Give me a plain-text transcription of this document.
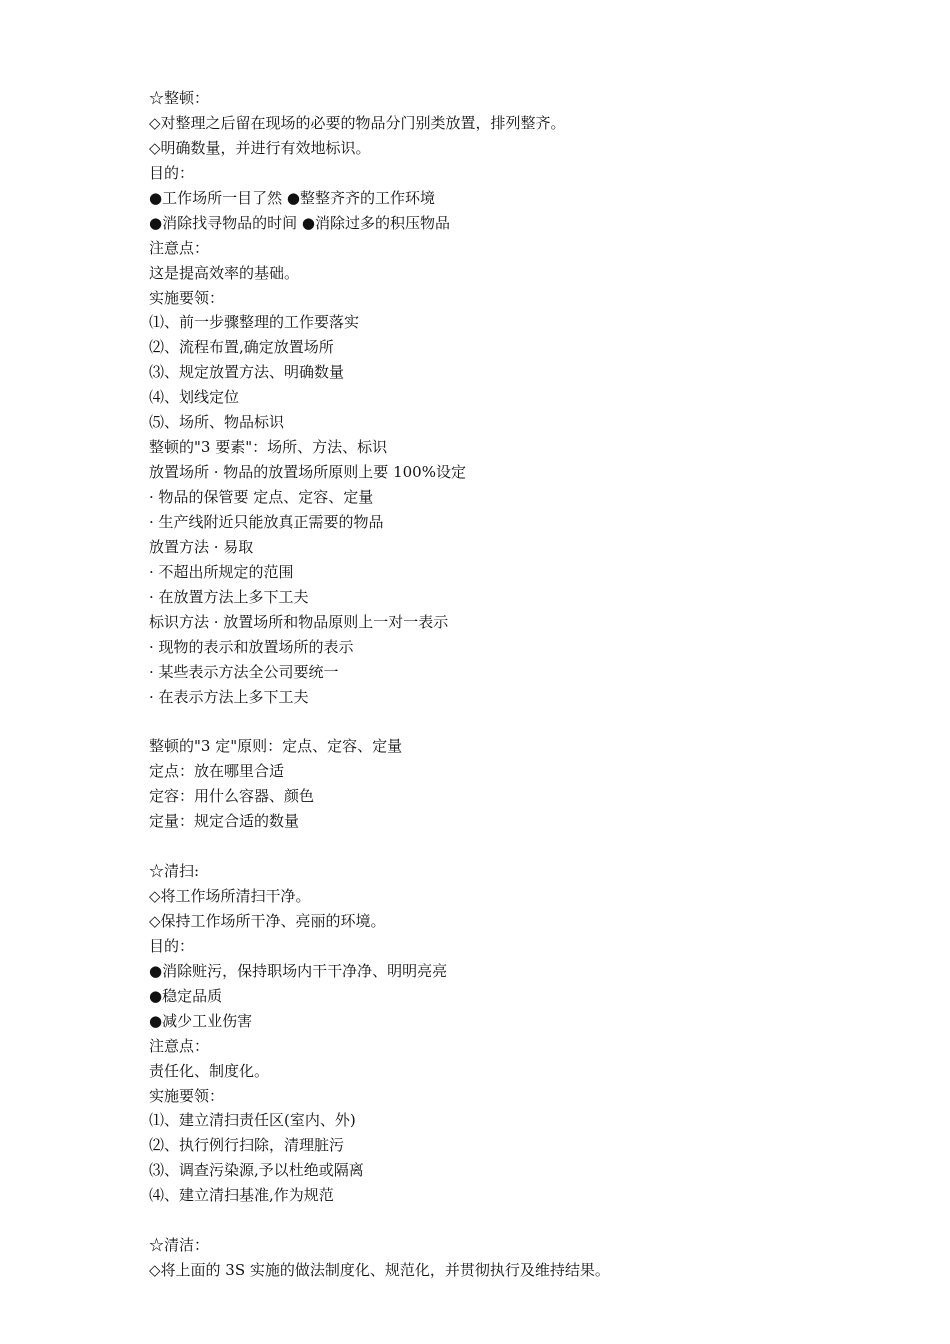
☆整顿：
◇对整理之后留在现场的必要的物品分门别类放置，排列整齐。
◇明确数量，并进行有效地标识。
目的：
●工作场所一目了然 ●整整齐齐的工作环境
●消除找寻物品的时间 ●消除过多的积压物品
注意点：
这是提高效率的基础。
实施要领：
⑴、前一步骤整理的工作要落实
⑵、流程布置,确定放置场所
⑶、规定放置方法、明确数量
⑷、划线定位
⑸、场所、物品标识
整顿的"3 要素"：场所、方法、标识
放置场所 · 物品的放置场所原则上要 100%设定
· 物品的保管要 定点、定容、定量
· 生产线附近只能放真正需要的物品
放置方法 · 易取
· 不超出所规定的范围
· 在放置方法上多下工夫
标识方法 · 放置场所和物品原则上一对一表示
· 现物的表示和放置场所的表示
· 某些表示方法全公司要统一
· 在表示方法上多下工夫
整顿的"3 定"原则：定点、定容、定量
定点：放在哪里合适
定容：用什么容器、颜色
定量：规定合适的数量
☆清扫:
◇将工作场所清扫干净。
◇保持工作场所干净、亮丽的环境。
目的：
●消除赃污，保持职场内干干净净、明明亮亮
●稳定品质
●减少工业伤害
注意点：
责任化、制度化。
实施要领：
⑴、建立清扫责任区(室内、外)
⑵、执行例行扫除，清理脏污
⑶、调查污染源,予以杜绝或隔离
⑷、建立清扫基准,作为规范
☆清洁：
◇将上面的 3S 实施的做法制度化、规范化，并贯彻执行及维持结果。
